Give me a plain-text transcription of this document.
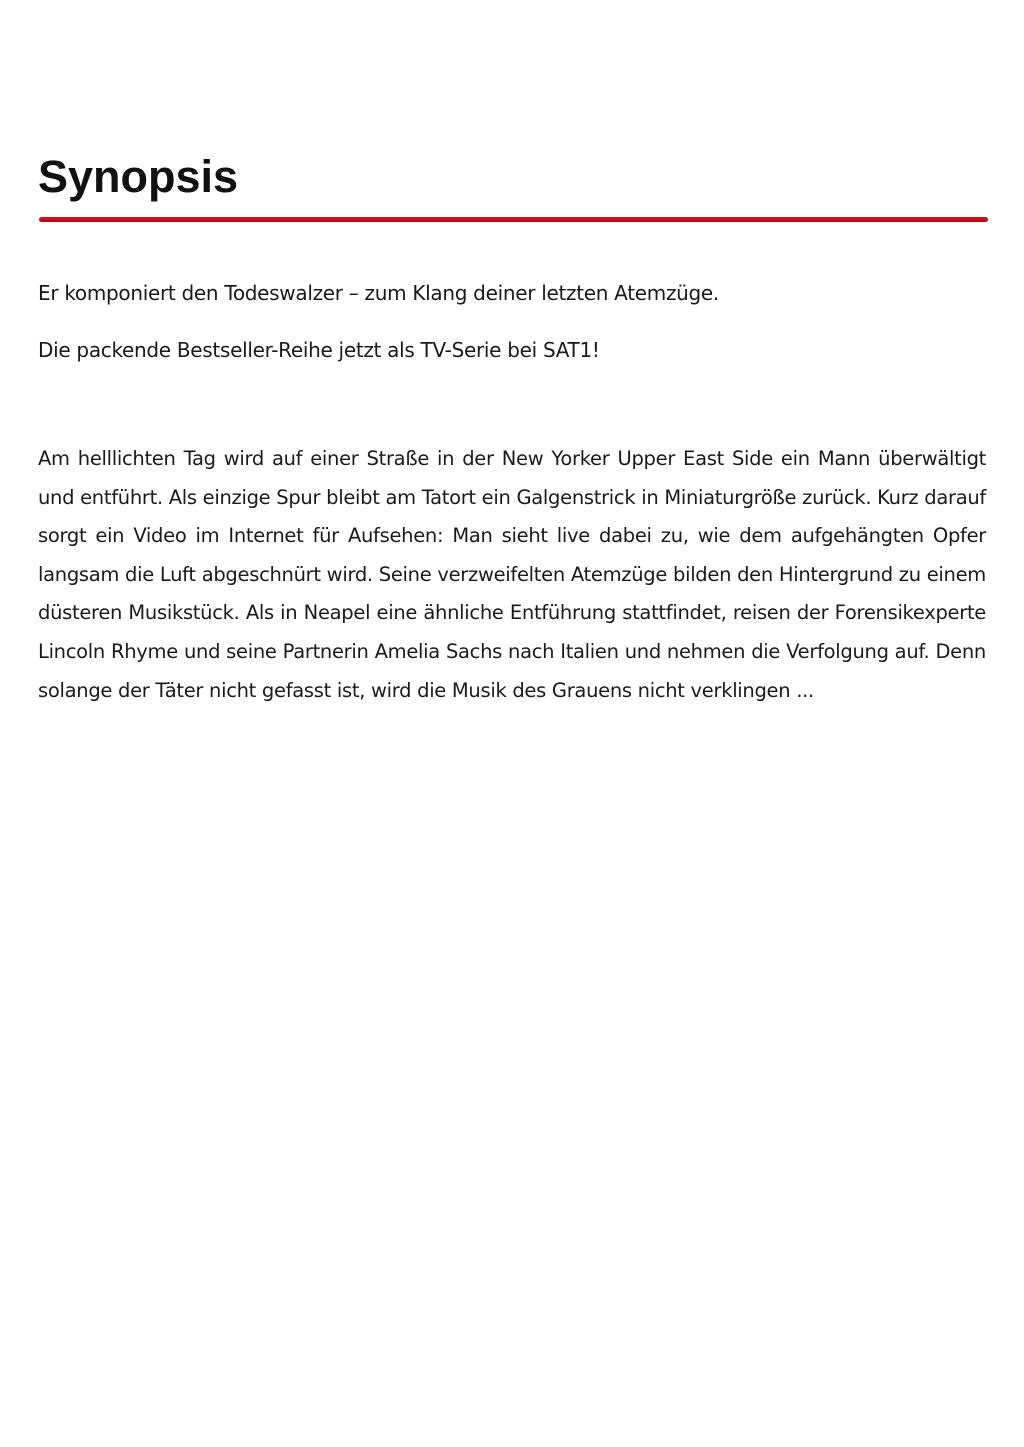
Synopsis

Er komponiert den Todeswalzer – zum Klang deiner letzten Atemzüge.

Die packende Bestseller-Reihe jetzt als TV-Serie bei SAT1!

Am helllichten Tag wird auf einer Straße in der New Yorker Upper East Side ein Mann überwältigt und entführt. Als einzige Spur bleibt am Tatort ein Galgenstrick in Miniaturgröße zurück. Kurz darauf sorgt ein Video im Internet für Aufsehen: Man sieht live dabei zu, wie dem aufgehängten Opfer langsam die Luft abgeschnürt wird. Seine verzweifelten Atemzüge bilden den Hintergrund zu einem düsteren Musikstück. Als in Neapel eine ähnliche Entführung stattfindet, reisen der Forensikexperte Lincoln Rhyme und seine Partnerin Amelia Sachs nach Italien und nehmen die Verfolgung auf. Denn solange der Täter nicht gefasst ist, wird die Musik des Grauens nicht verklingen ...
